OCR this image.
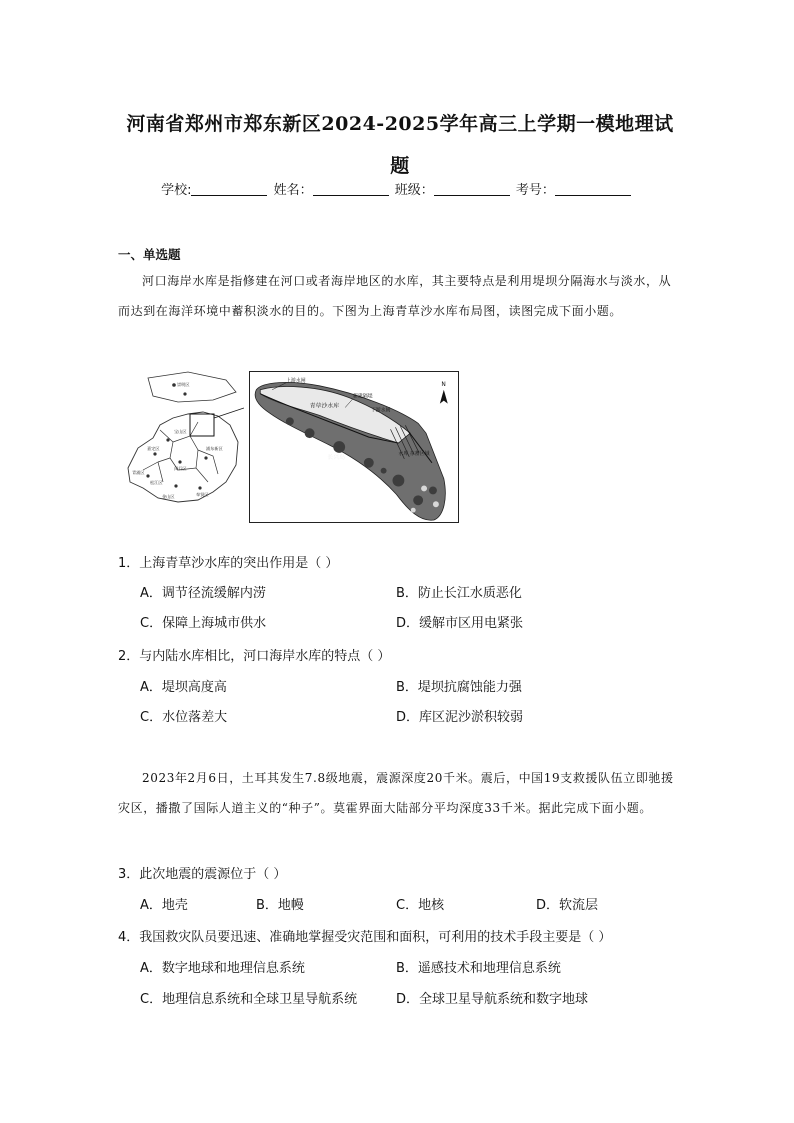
河南省郑州市郑东新区2024-2025学年高三上学期一模地理试题
学校:	姓名：	班级：	考号：
一、单选题
河口海岸水库是指修建在河口或者海岸地区的水库，其主要特点是利用堤坝分隔海水与淡水，从而达到在海洋环境中蓄积淡水的目的。下图为上海青草沙水库布局图，读图完成下面小题。
崇明区
宝山区
嘉定区
青浦区
松江区
金山区	奉贤区
浦东新区
闵行区
上游水闸
新建隔堤
下游水闸
青草沙水库
长兴岛
水库 存蓄区域
N
1．上海青草沙水库的突出作用是（ ）
A．调节径流缓解内涝	B．防止长江水质恶化
C．保障上海城市供水	D．缓解市区用电紧张
2．与内陆水库相比，河口海岸水库的特点（ ）
A．堤坝高度高	B．堤坝抗腐蚀能力强
C．水位落差大	D．库区泥沙淤积较弱
2023年2月6日，土耳其发生7.8级地震，震源深度20千米。震后，中国19支救援队伍立即驰援灾区，播撒了国际人道主义的“种子”。莫霍界面大陆部分平均深度33千米。据此完成下面小题。
3．此次地震的震源位于（ ）
A．地壳	B．地幔	C．地核	D．软流层
4．我国救灾队员要迅速、准确地掌握受灾范围和面积，可利用的技术手段主要是（ ）
A．数字地球和地理信息系统	B．遥感技术和地理信息系统
C．地理信息系统和全球卫星导航系统	D．全球卫星导航系统和数字地球
